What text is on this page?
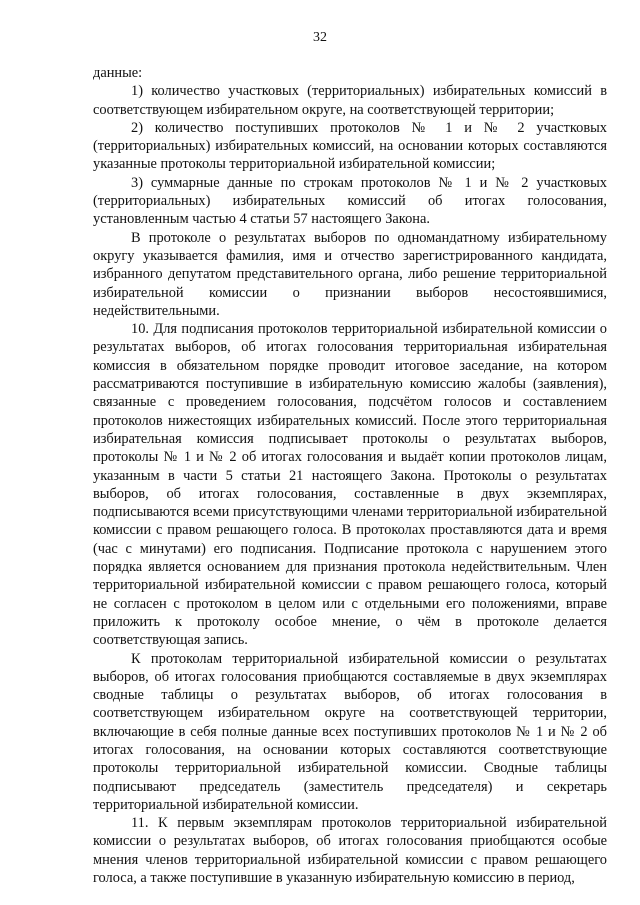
32

данные:

1) количество участковых (территориальных) избирательных комиссий в соответствующем избирательном округе, на соответствующей территории;

2) количество поступивших протоколов № 1 и № 2 участковых (территориальных) избирательных комиссий, на основании которых составляются указанные протоколы территориальной избирательной комиссии;

3) суммарные данные по строкам протоколов № 1 и № 2 участковых (территориальных) избирательных комиссий об итогах голосования, установленным частью 4 статьи 57 настоящего Закона.

В протоколе о результатах выборов по одномандатному избирательному округу указывается фамилия, имя и отчество зарегистрированного кандидата, избранного депутатом представительного органа, либо решение территориальной избирательной комиссии о признании выборов несостоявшимися, недействительными.

10. Для подписания протоколов территориальной избирательной комиссии о результатах выборов, об итогах голосования территориальная избирательная комиссия в обязательном порядке проводит итоговое заседание, на котором рассматриваются поступившие в избирательную комиссию жалобы (заявления), связанные с проведением голосования, подсчётом голосов и составлением протоколов нижестоящих избирательных комиссий. После этого территориальная избирательная комиссия подписывает протоколы о результатах выборов, протоколы № 1 и № 2 об итогах голосования и выдаёт копии протоколов лицам, указанным в части 5 статьи 21 настоящего Закона. Протоколы о результатах выборов, об итогах голосования, составленные в двух экземплярах, подписываются всеми присутствующими членами территориальной избирательной комиссии с правом решающего голоса. В протоколах проставляются дата и время (час с минутами) его подписания. Подписание протокола с нарушением этого порядка является основанием для признания протокола недействительным. Член территориальной избирательной комиссии с правом решающего голоса, который не согласен с протоколом в целом или с отдельными его положениями, вправе приложить к протоколу особое мнение, о чём в протоколе делается соответствующая запись.

К протоколам территориальной избирательной комиссии о результатах выборов, об итогах голосования приобщаются составляемые в двух экземплярах сводные таблицы о результатах выборов, об итогах голосования в соответствующем избирательном округе на соответствующей территории, включающие в себя полные данные всех поступивших протоколов № 1 и № 2 об итогах голосования, на основании которых составляются соответствующие протоколы территориальной избирательной комиссии. Сводные таблицы подписывают председатель (заместитель председателя) и секретарь территориальной избирательной комиссии.

11. К первым экземплярам протоколов территориальной избирательной комиссии о результатах выборов, об итогах голосования приобщаются особые мнения членов территориальной избирательной комиссии с правом решающего голоса, а также поступившие в указанную избирательную комиссию в период,
